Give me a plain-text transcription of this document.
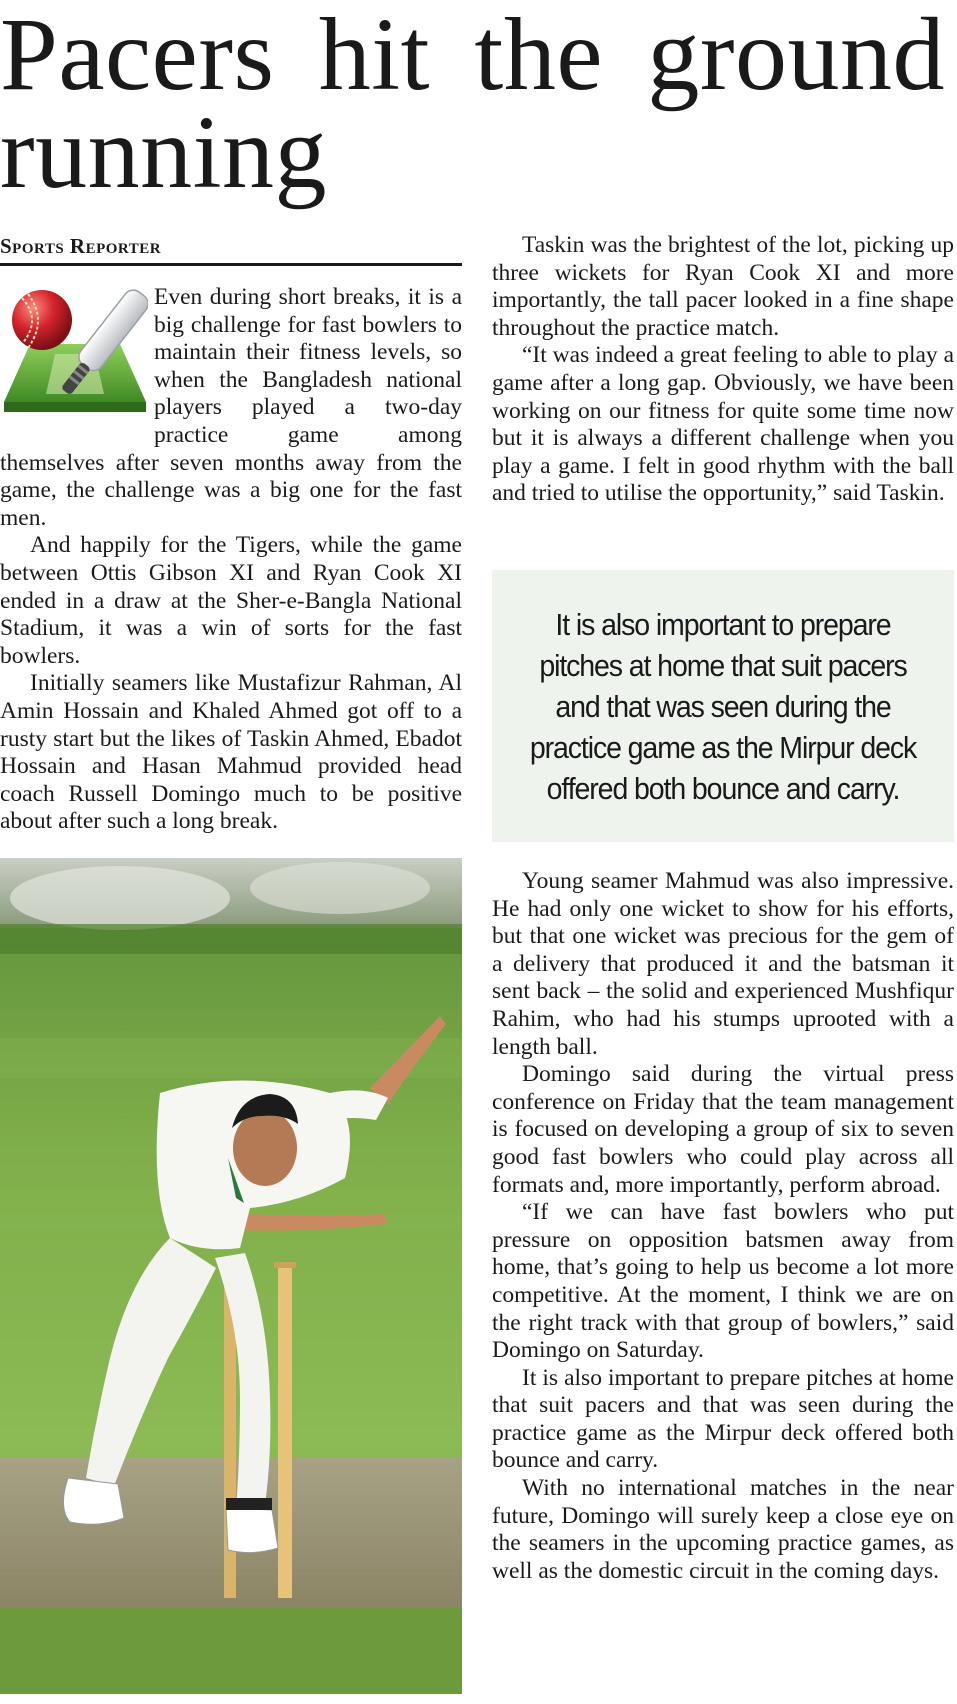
Pacers hit the ground
running
Sports Reporter

Even during short breaks, it is a big challenge for fast bowlers to maintain their fitness levels, so when the Bangladesh national players played a two-day practice game among themselves after seven months away from the game, the challenge was a big one for the fast men.

And happily for the Tigers, while the game between Ottis Gibson XI and Ryan Cook XI ended in a draw at the Sher-e-Bangla National Stadium, it was a win of sorts for the fast bowlers.

Initially seamers like Mustafizur Rahman, Al Amin Hossain and Khaled Ahmed got off to a rusty start but the likes of Taskin Ahmed, Ebadot Hossain and Hasan Mahmud provided head coach Russell Domingo much to be positive about after such a long break.

Taskin was the brightest of the lot, picking up three wickets for Ryan Cook XI and more importantly, the tall pacer looked in a fine shape throughout the practice match.

“It was indeed a great feeling to able to play a game after a long gap. Obviously, we have been working on our fitness for quite some time now but it is always a different challenge when you play a game. I felt in good rhythm with the ball and tried to utilise the opportunity,” said Taskin.

It is also important to prepare pitches at home that suit pacers and that was seen during the practice game as the Mirpur deck offered both bounce and carry.

Young seamer Mahmud was also impressive. He had only one wicket to show for his efforts, but that one wicket was precious for the gem of a delivery that produced it and the batsman it sent back – the solid and experienced Mushfiqur Rahim, who had his stumps uprooted with a length ball.

Domingo said during the virtual press conference on Friday that the team management is focused on developing a group of six to seven good fast bowlers who could play across all formats and, more importantly, perform abroad.

“If we can have fast bowlers who put pressure on opposition batsmen away from home, that’s going to help us become a lot more competitive. At the moment, I think we are on the right track with that group of bowlers,” said Domingo on Saturday.

It is also important to prepare pitches at home that suit pacers and that was seen during the practice game as the Mirpur deck offered both bounce and carry.

With no international matches in the near future, Domingo will surely keep a close eye on the seamers in the upcoming practice games, as well as the domestic circuit in the coming days.
